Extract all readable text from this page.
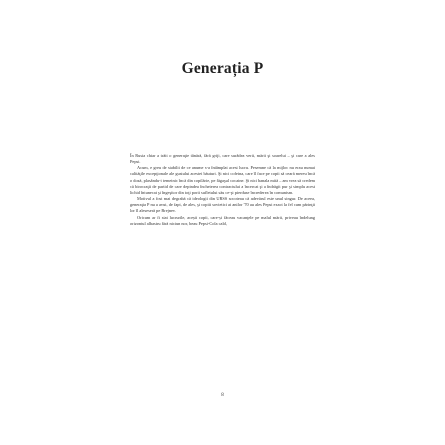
Generația P

În Rusia chiar a trăit o generaţie tânără, fără griji, care surâdea verii, mării şi soarelui – şi care a ales Pepsi.

Acum, e greu de stabilit de ce anume s-a întâmplat acest lucru. Pesemne că la mijloc nu erau numai calităţile excepţionale ale gustului acestei băuturi. Şi nici cofeina, care îl face pe copii să ceară mereu încă o doză, plasându-i temeinic încă din copilărie, pe făgaşul cocaine. Şi nici banala mită – am vrea să credem că birocraţii de partid de care depindea încheierea contractului a încercat şi a îndrăgit pur şi simplu acest lichid întunecat şi îngeşitor din toţi porii sufletului său ce-şi pierduse încrederea în comunism.

Motivul a fost mai degrabă că ideologii din URSS socoteau că adevărul este unul singur. De aceea, generaţia P nu a avut, de fapt, de ales, şi copiii sovietici ai anilor '70 au ales Pepsi exact la fel cum părinţii lor îl aleseseră pe Brejnev.

Oricum ar fi stat lucrurile, acești copii, care-și făceau vacanţele pe malul mării, priveau îndelung orizontul albastru fără niciun nor, beau Pepsi-Cola cald,

8
